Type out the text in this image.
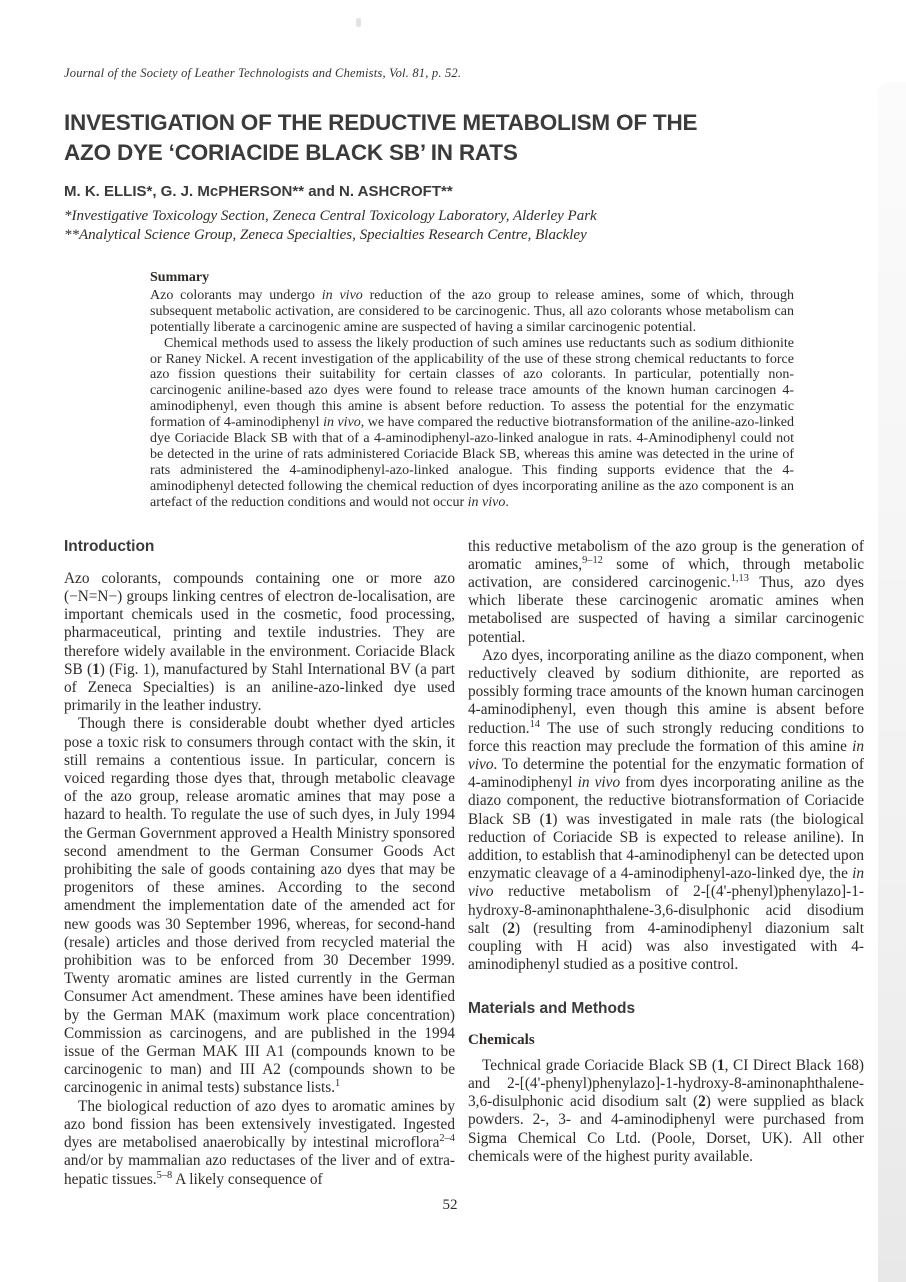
Journal of the Society of Leather Technologists and Chemists, Vol. 81, p. 52.
INVESTIGATION OF THE REDUCTIVE METABOLISM OF THE
AZO DYE ‘CORIACIDE BLACK SB’ IN RATS
M. K. ELLIS*, G. J. McPHERSON** and N. ASHCROFT**
*Investigative Toxicology Section, Zeneca Central Toxicology Laboratory, Alderley Park
**Analytical Science Group, Zeneca Specialties, Specialties Research Centre, Blackley
Summary

Azo colorants may undergo in vivo reduction of the azo group to release amines, some of which, through subsequent metabolic activation, are considered to be carcinogenic. Thus, all azo colorants whose metabolism can potentially liberate a carcinogenic amine are suspected of having a similar carcinogenic potential.

Chemical methods used to assess the likely production of such amines use reductants such as sodium dithionite or Raney Nickel. A recent investigation of the applicability of the use of these strong chemical reductants to force azo fission questions their suitability for certain classes of azo colorants. In particular, potentially non-carcinogenic aniline-based azo dyes were found to release trace amounts of the known human carcinogen 4-aminodiphenyl, even though this amine is absent before reduction. To assess the potential for the enzymatic formation of 4-aminodiphenyl in vivo, we have compared the reductive biotransformation of the aniline-azo-linked dye Coriacide Black SB with that of a 4-aminodiphenyl-azo-linked analogue in rats. 4-Aminodiphenyl could not be detected in the urine of rats administered Coriacide Black SB, whereas this amine was detected in the urine of rats administered the 4-aminodiphenyl-azo-linked analogue. This finding supports evidence that the 4-aminodiphenyl detected following the chemical reduction of dyes incorporating aniline as the azo component is an artefact of the reduction conditions and would not occur in vivo.

Introduction

Azo colorants, compounds containing one or more azo (−N=N−) groups linking centres of electron de-localisation, are important chemicals used in the cosmetic, food processing, pharmaceutical, printing and textile industries. They are therefore widely available in the environment. Coriacide Black SB (1) (Fig. 1), manufactured by Stahl International BV (a part of Zeneca Specialties) is an aniline-azo-linked dye used primarily in the leather industry.

Though there is considerable doubt whether dyed articles pose a toxic risk to consumers through contact with the skin, it still remains a contentious issue. In particular, concern is voiced regarding those dyes that, through metabolic cleavage of the azo group, release aromatic amines that may pose a hazard to health. To regulate the use of such dyes, in July 1994 the German Government approved a Health Ministry sponsored second amendment to the German Consumer Goods Act prohibiting the sale of goods containing azo dyes that may be progenitors of these amines. According to the second amendment the implementation date of the amended act for new goods was 30 September 1996, whereas, for second-hand (resale) articles and those derived from recycled material the prohibition was to be enforced from 30 December 1999. Twenty aromatic amines are listed currently in the German Consumer Act amendment. These amines have been identified by the German MAK (maximum work place concentration) Commission as carcinogens, and are published in the 1994 issue of the German MAK III A1 (compounds known to be carcinogenic to man) and III A2 (compounds shown to be carcinogenic in animal tests) substance lists.$^1$

The biological reduction of azo dyes to aromatic amines by azo bond fission has been extensively investigated. Ingested dyes are metabolised anaerobically by intestinal microflora$^{2-4}$ and/or by mammalian azo reductases of the liver and of extra-hepatic tissues.$^{5-8}$ A likely consequence of

this reductive metabolism of the azo group is the generation of aromatic amines,$^{9-12}$ some of which, through metabolic activation, are considered carcinogenic.$^{1,13}$ Thus, azo dyes which liberate these carcinogenic aromatic amines when metabolised are suspected of having a similar carcinogenic potential.

Azo dyes, incorporating aniline as the diazo component, when reductively cleaved by sodium dithionite, are reported as possibly forming trace amounts of the known human carcinogen 4-aminodiphenyl, even though this amine is absent before reduction.$^{14}$ The use of such strongly reducing conditions to force this reaction may preclude the formation of this amine in vivo. To determine the potential for the enzymatic formation of 4-aminodiphenyl in vivo from dyes incorporating aniline as the diazo component, the reductive biotransformation of Coriacide Black SB (1) was investigated in male rats (the biological reduction of Coriacide SB is expected to release aniline). In addition, to establish that 4-aminodiphenyl can be detected upon enzymatic cleavage of a 4-aminodiphenyl-azo-linked dye, the in vivo reductive metabolism of 2-[(4'-phenyl)phenylazo]-1-hydroxy-8-aminonaphthalene-3,6-disulphonic acid disodium salt (2) (resulting from 4-aminodiphenyl diazonium salt coupling with H acid) was also investigated with 4-aminodiphenyl studied as a positive control.

Materials and Methods
Chemicals

Technical grade Coriacide Black SB (1, CI Direct Black 168) and 2-[(4'-phenyl)phenylazo]-1-hydroxy-8-aminonaphthalene-3,6-disulphonic acid disodium salt (2) were supplied as black powders. 2-, 3- and 4-aminodiphenyl were purchased from Sigma Chemical Co Ltd. (Poole, Dorset, UK). All other chemicals were of the highest purity available.

52
